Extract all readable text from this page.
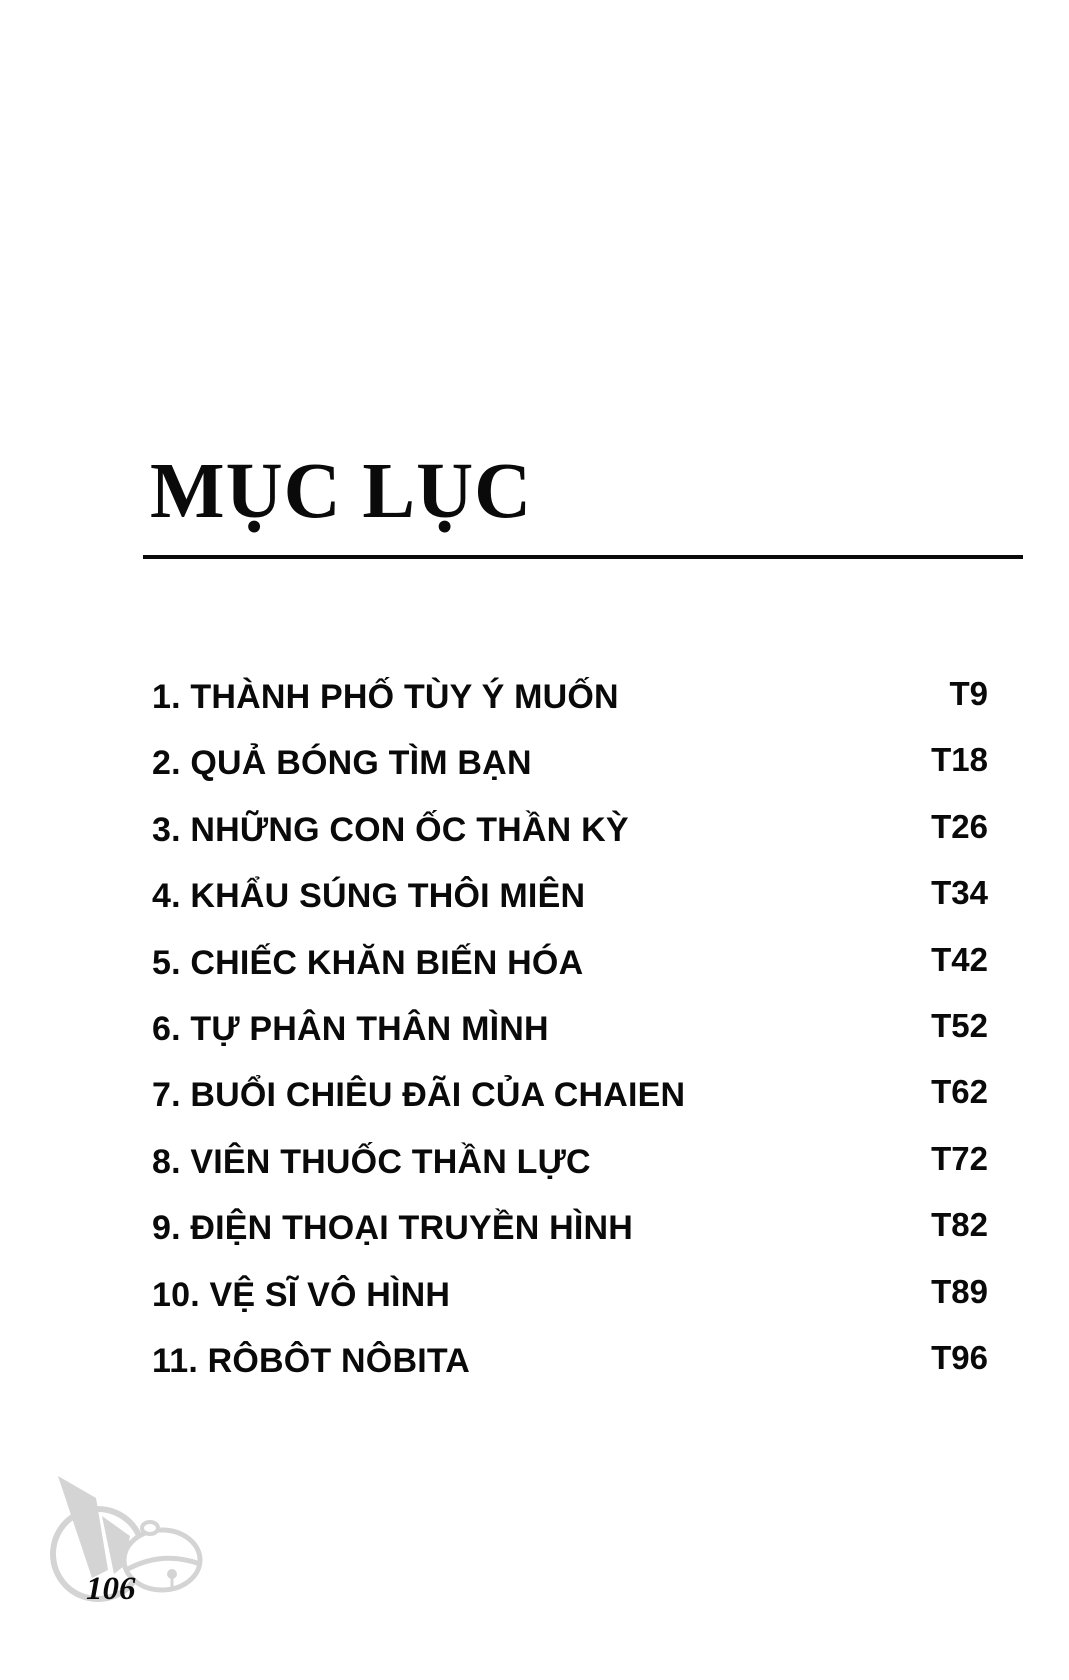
MỤC LỤC
1. THÀNH PHỐ TÙY Ý MUỐN	T9
2. QUẢ BÓNG TÌM BẠN	T18
3. NHỮNG CON ỐC THẦN KỲ	T26
4. KHẨU SÚNG THÔI MIÊN	T34
5. CHIẾC KHĂN BIẾN HÓA	T42
6. TỰ PHÂN THÂN MÌNH	T52
7. BUỔI CHIÊU ĐÃI CỦA CHAIEN	T62
8. VIÊN THUỐC THẦN LỰC	T72
9. ĐIỆN THOẠI TRUYỀN HÌNH	T82
10. VỆ SĨ VÔ HÌNH	T89
11. RÔBÔT NÔBITA	T96
106
